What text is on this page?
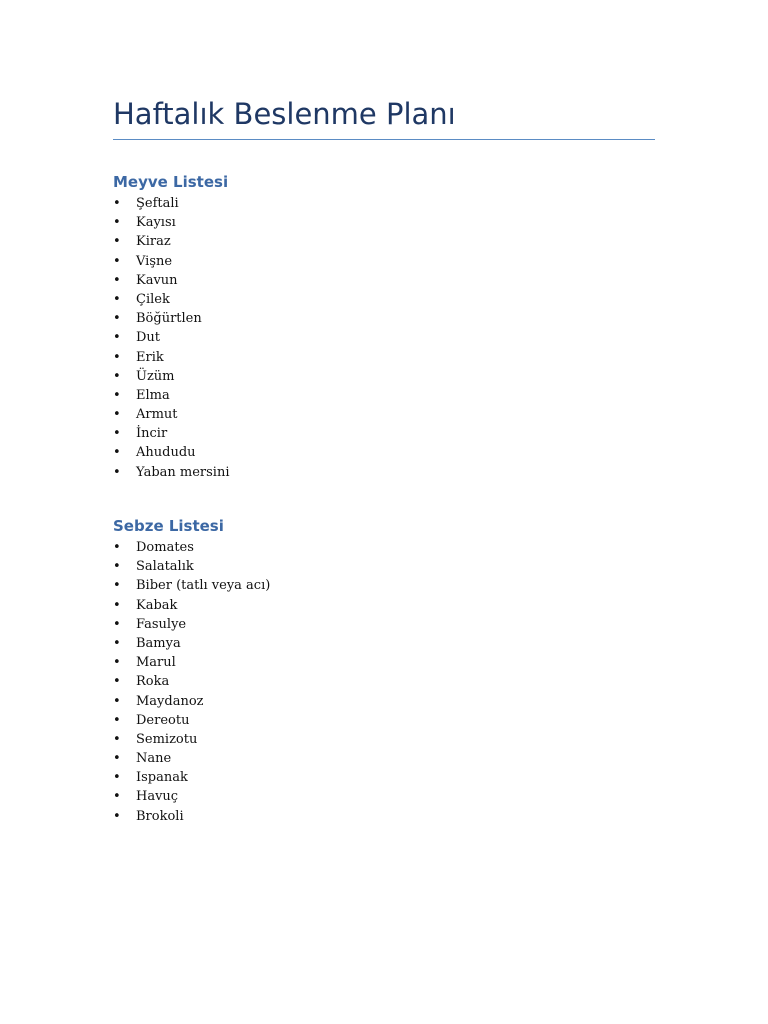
Haftalık Beslenme Planı
Meyve Listesi
• Şeftali
• Kayısı
• Kiraz
• Vişne
• Kavun
• Çilek
• Böğürtlen
• Dut
• Erik
• Üzüm
• Elma
• Armut
• İncir
• Ahududu
• Yaban mersini
Sebze Listesi
• Domates
• Salatalık
• Biber (tatlı veya acı)
• Kabak
• Fasulye
• Bamya
• Marul
• Roka
• Maydanoz
• Dereotu
• Semizotu
• Nane
• Ispanak
• Havuç
• Brokoli
